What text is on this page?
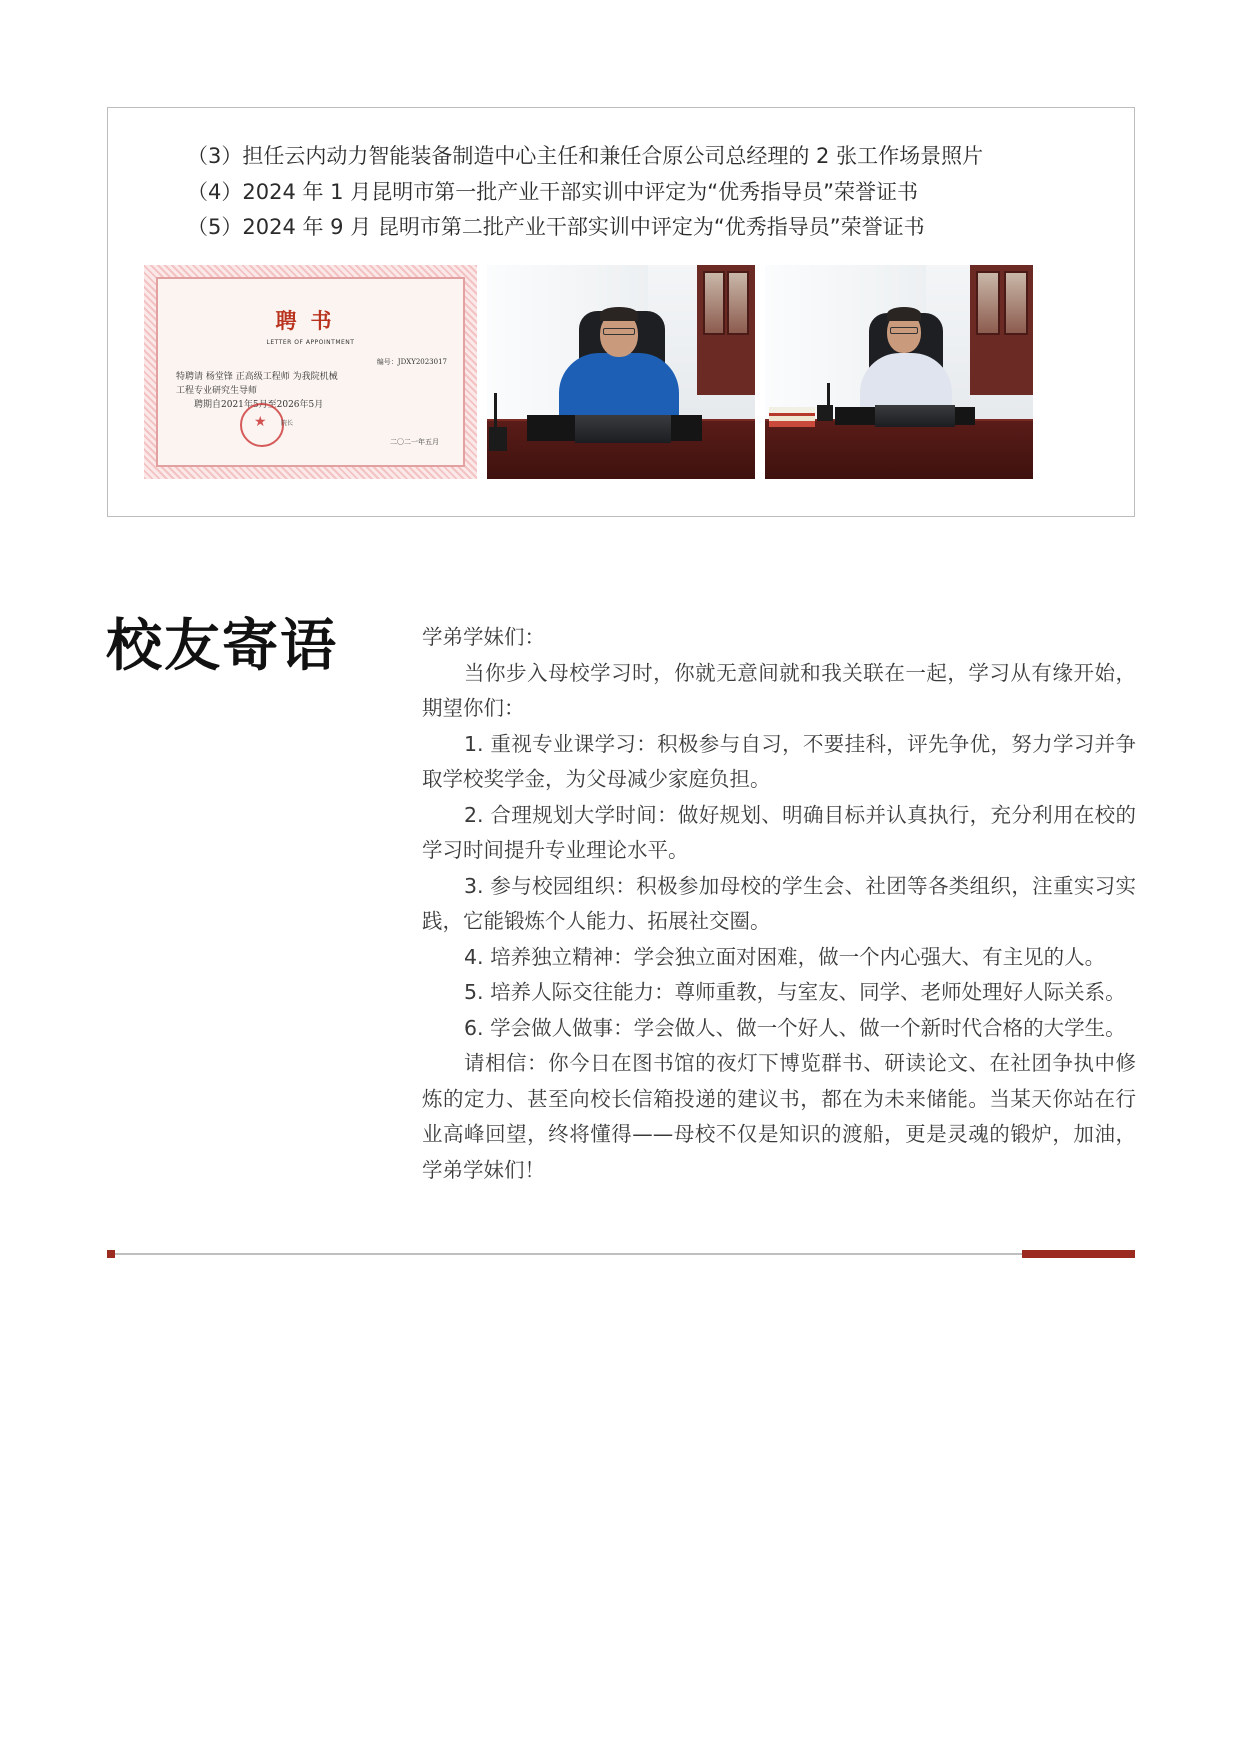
（3）担任云内动力智能装备制造中心主任和兼任合原公司总经理的 2 张工作场景照片
（4）2024 年 1 月昆明市第一批产业干部实训中评定为“优秀指导员”荣誉证书
（5）2024 年 9 月 昆明市第二批产业干部实训中评定为“优秀指导员”荣誉证书
聘书
LETTER OF APPOINTMENT
编号：JDXY2023017
特聘请 杨堂锋 正高级工程师 为我院机械
工程专业研究生导师
聘期自2021年5月至2026年5月
★
院长
二〇二一年五月
校友寄语	学弟学妹们：

当你步入母校学习时，你就无意间就和我关联在一起，学习从有缘开始，期望你们：

1. 重视专业课学习：积极参与自习，不要挂科，评先争优，努力学习并争取学校奖学金，为父母减少家庭负担。

2. 合理规划大学时间：做好规划、明确目标并认真执行，充分利用在校的学习时间提升专业理论水平。

3. 参与校园组织：积极参加母校的学生会、社团等各类组织，注重实习实践，它能锻炼个人能力、拓展社交圈。

4. 培养独立精神：学会独立面对困难，做一个内心强大、有主见的人。

5. 培养人际交往能力：尊师重教，与室友、同学、老师处理好人际关系。

6. 学会做人做事：学会做人、做一个好人、做一个新时代合格的大学生。

请相信：你今日在图书馆的夜灯下博览群书、研读论文、在社团争执中修炼的定力、甚至向校长信箱投递的建议书，都在为未来储能。当某天你站在行业高峰回望，终将懂得——母校不仅是知识的渡船，更是灵魂的锻炉，加油，学弟学妹们！
